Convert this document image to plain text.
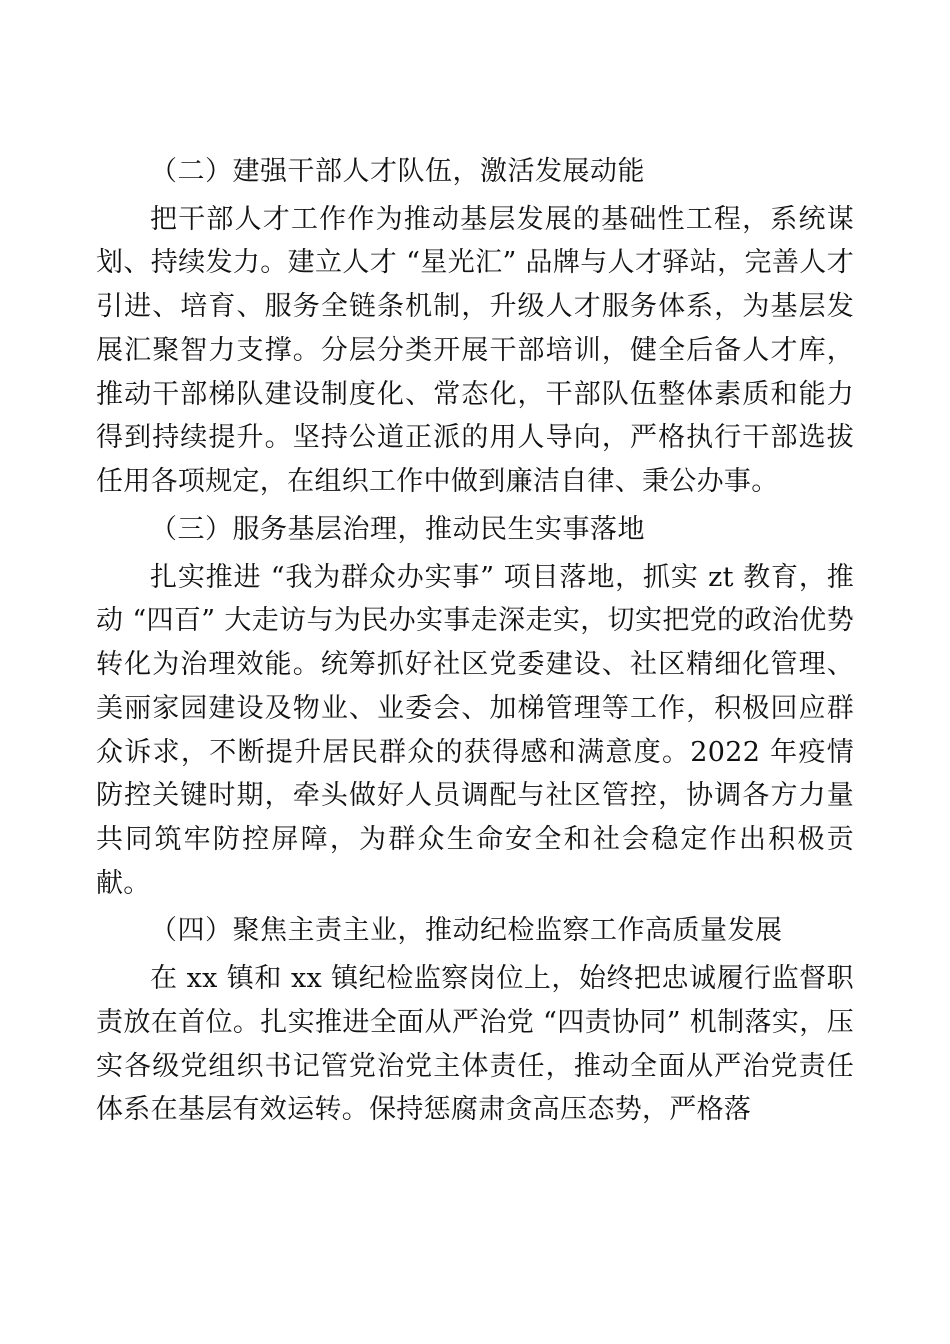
（二）建强干部人才队伍，激活发展动能

把干部人才工作作为推动基层发展的基础性工程，系统谋划、持续发力。建立人才 “星光汇” 品牌与人才驿站，完善人才引进、培育、服务全链条机制，升级人才服务体系，为基层发展汇聚智力支撑。分层分类开展干部培训，健全后备人才库，推动干部梯队建设制度化、常态化，干部队伍整体素质和能力得到持续提升。坚持公道正派的用人导向，严格执行干部选拔任用各项规定，在组织工作中做到廉洁自律、秉公办事。

（三）服务基层治理，推动民生实事落地

扎实推进 “我为群众办实事” 项目落地，抓实 zt 教育，推动 “四百” 大走访与为民办实事走深走实，切实把党的政治优势转化为治理效能。统筹抓好社区党委建设、社区精细化管理、美丽家园建设及物业、业委会、加梯管理等工作，积极回应群众诉求，不断提升居民群众的获得感和满意度。2022 年疫情防控关键时期，牵头做好人员调配与社区管控，协调各方力量共同筑牢防控屏障，为群众生命安全和社会稳定作出积极贡献。

（四）聚焦主责主业，推动纪检监察工作高质量发展

在 xx 镇和 xx 镇纪检监察岗位上，始终把忠诚履行监督职责放在首位。扎实推进全面从严治党 “四责协同” 机制落实，压实各级党组织书记管党治党主体责任，推动全面从严治党责任体系在基层有效运转。保持惩腐肃贪高压态势，严格落
